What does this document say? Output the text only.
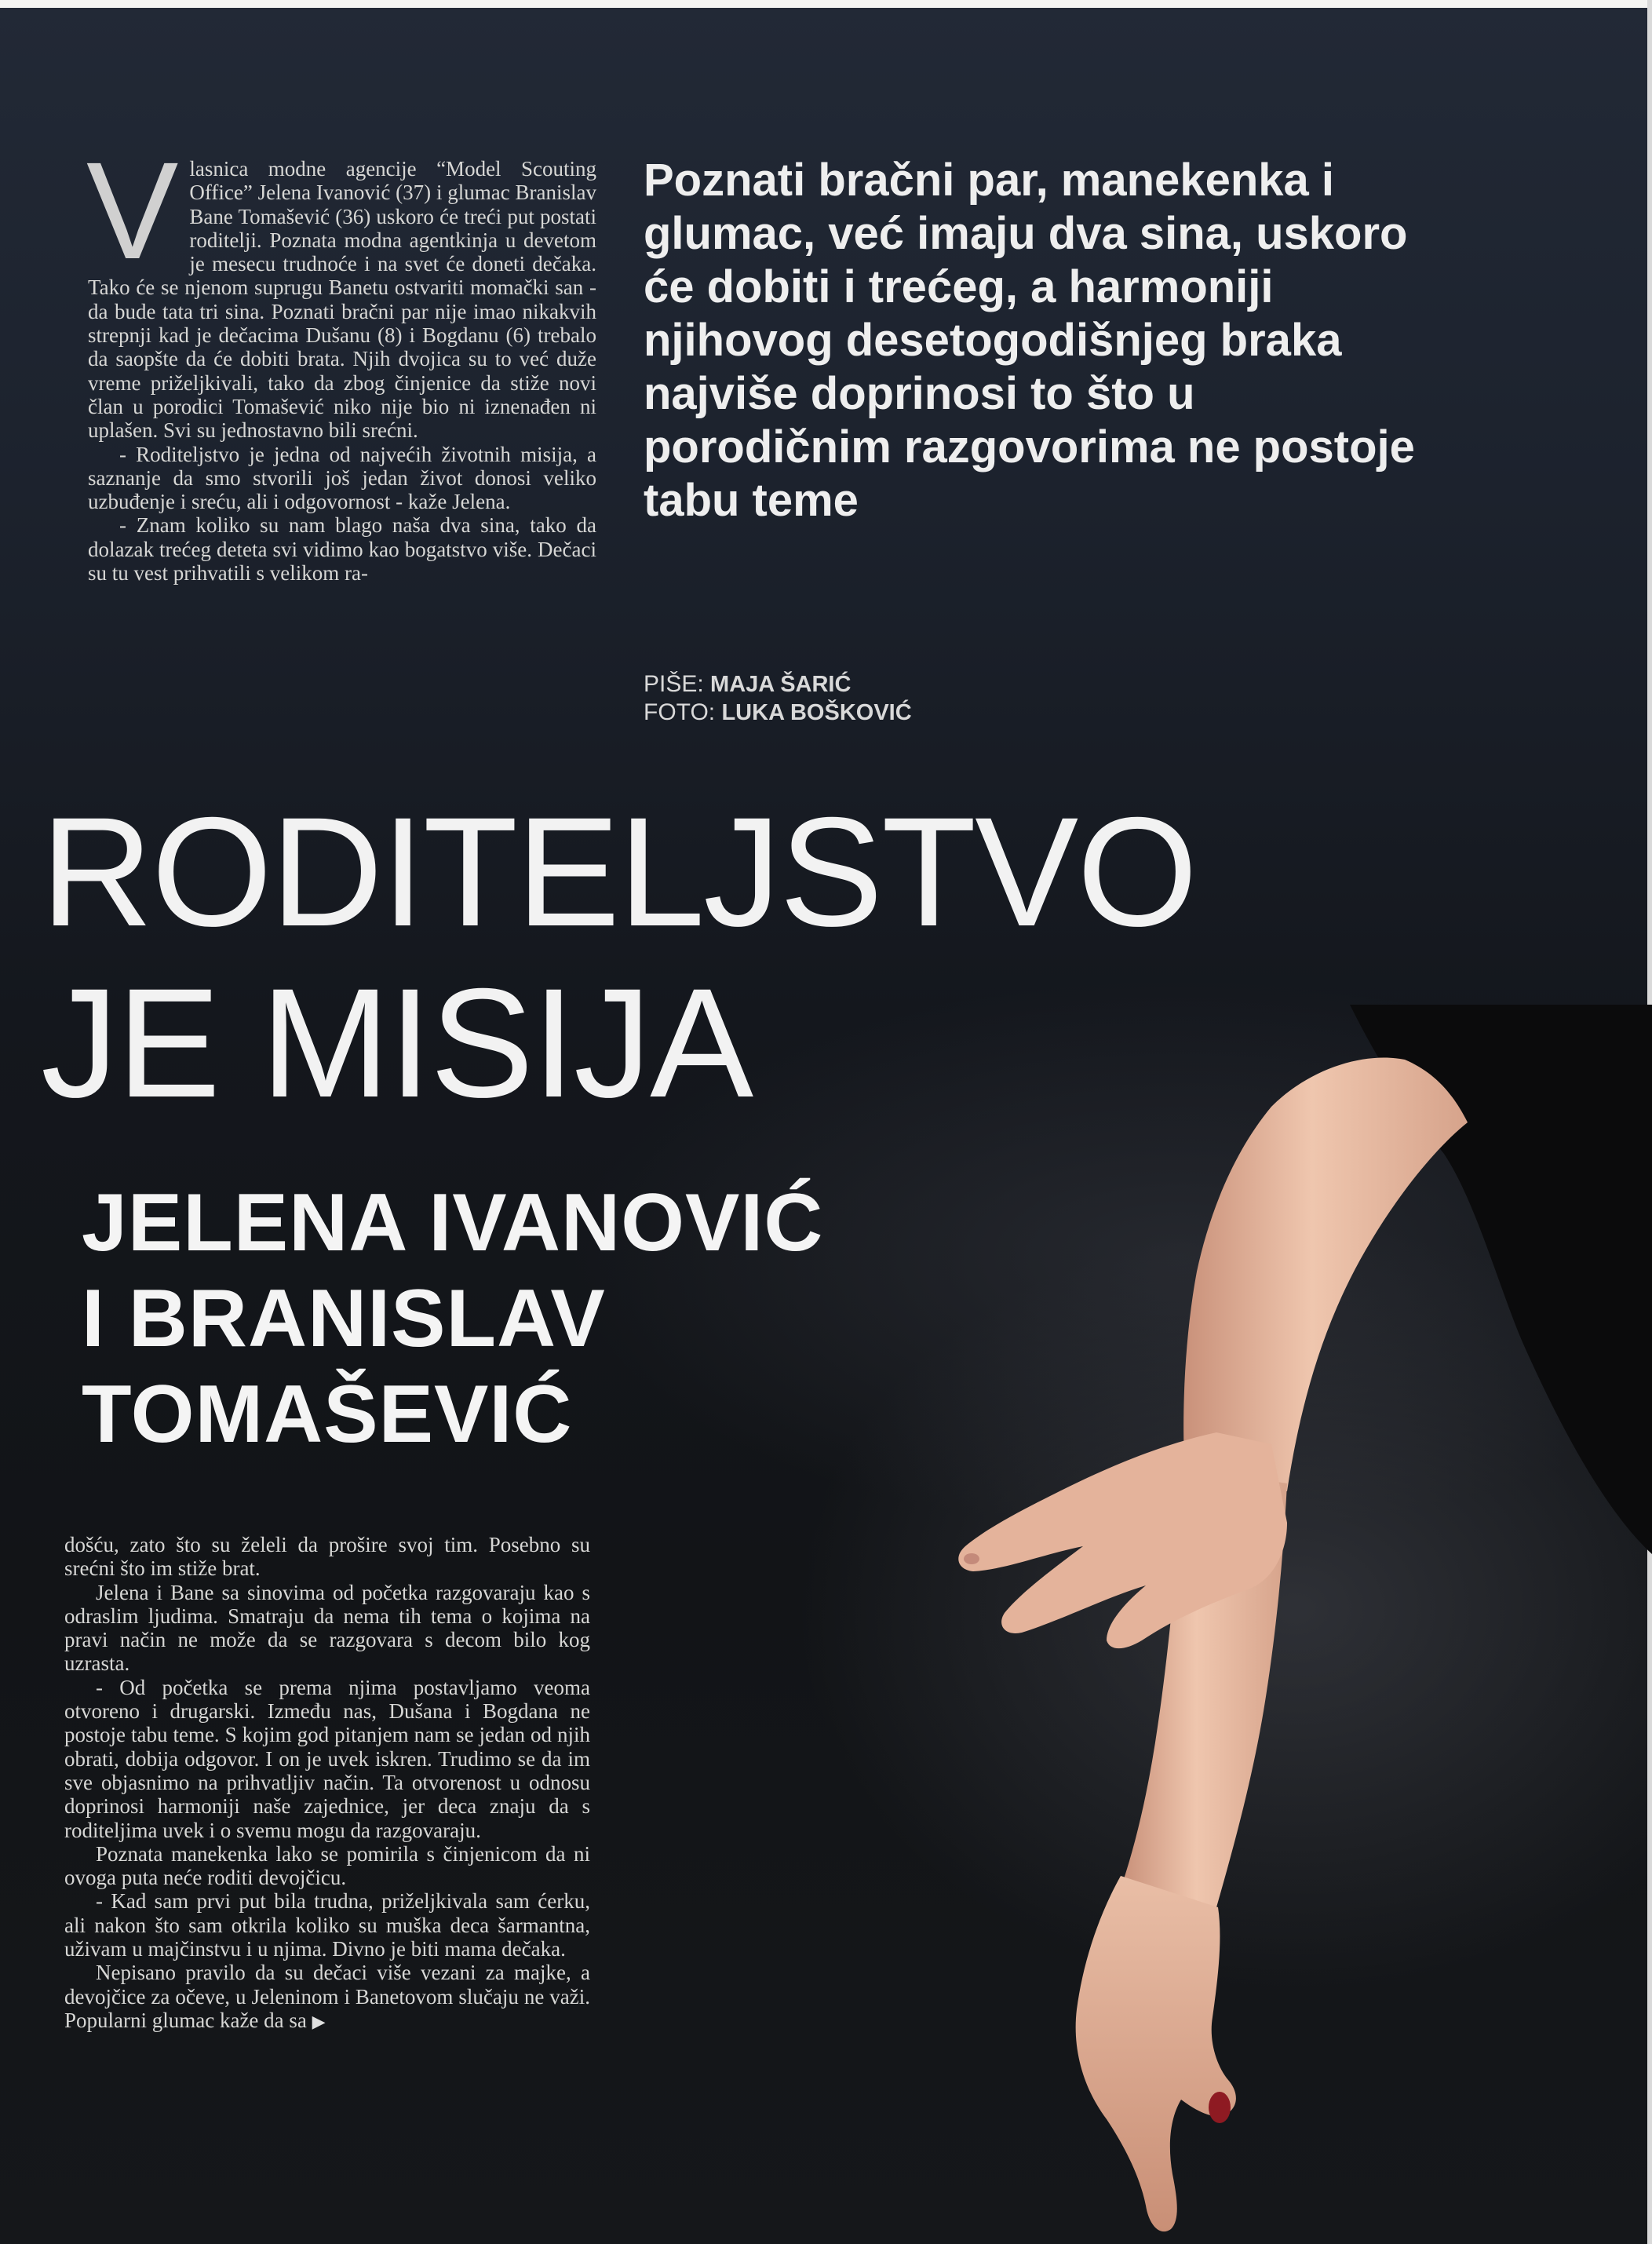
V lasnica modne agencije “Model Scouting Office” Jelena Ivanović (37) i glumac Branislav Bane Tomašević (36) uskoro će treći put postati roditelji. Poznata modna agentkinja u devetom je mesecu trudnoće i na svet će doneti dečaka. Tako će se njenom suprugu Banetu ostvariti momački san - da bude tata tri sina. Poznati bračni par nije imao nikakvih strepnji kad je dečacima Dušanu (8) i Bogdanu (6) trebalo da saopšte da će dobiti brata. Njih dvojica su to već duže vreme priželjkivali, tako da zbog činjenice da stiže novi član u porodici Tomašević niko nije bio ni iznenađen ni uplašen. Svi su jednostavno bili srećni.

- Roditeljstvo je jedna od najvećih životnih misija, a saznanje da smo stvorili još jedan život donosi veliko uzbuđenje i sreću, ali i odgovornost - kaže Jelena.

- Znam koliko su nam blago naša dva sina, tako da dolazak trećeg deteta svi vidimo kao bogatstvo više. Dečaci su tu vest prihvatili s velikom ra-

Poznati bračni par, manekenka i glumac, već imaju dva sina, uskoro će dobiti i trećeg, a harmoniji njihovog desetogodišnjeg braka najviše doprinosi to što u porodičnim razgovorima ne postoje tabu teme

PIŠE: MAJA ŠARIĆ
FOTO: LUKA BOŠKOVIĆ
RODITELJSTVO
JE MISIJA
JELENA IVANOVIĆ
I BRANISLAV
TOMAŠEVIĆ

došću, zato što su želeli da prošire svoj tim. Posebno su srećni što im stiže brat.

Jelena i Bane sa sinovima od početka razgovaraju kao s odraslim ljudima. Smatraju da nema tih tema o kojima na pravi način ne može da se razgovara s decom bilo kog uzrasta.

- Od početka se prema njima postavljamo veoma otvoreno i drugarski. Između nas, Dušana i Bogdana ne postoje tabu teme. S kojim god pitanjem nam se jedan od njih obrati, dobija odgovor. I on je uvek iskren. Trudimo se da im sve objasnimo na prihvatljiv način. Ta otvorenost u odnosu doprinosi harmoniji naše zajednice, jer deca znaju da s roditeljima uvek i o svemu mogu da razgovaraju.

Poznata manekenka lako se pomirila s činjenicom da ni ovoga puta neće roditi devojčicu.

- Kad sam prvi put bila trudna, priželjkivala sam ćerku, ali nakon što sam otkrila koliko su muška deca šarmantna, uživam u majčinstvu i u njima. Divno je biti mama dečaka.

Nepisano pravilo da su dečaci više vezani za majke, a devojčice za očeve, u Jeleninom i Banetovom slučaju ne važi. Popularni glumac kaže da sa ▶
